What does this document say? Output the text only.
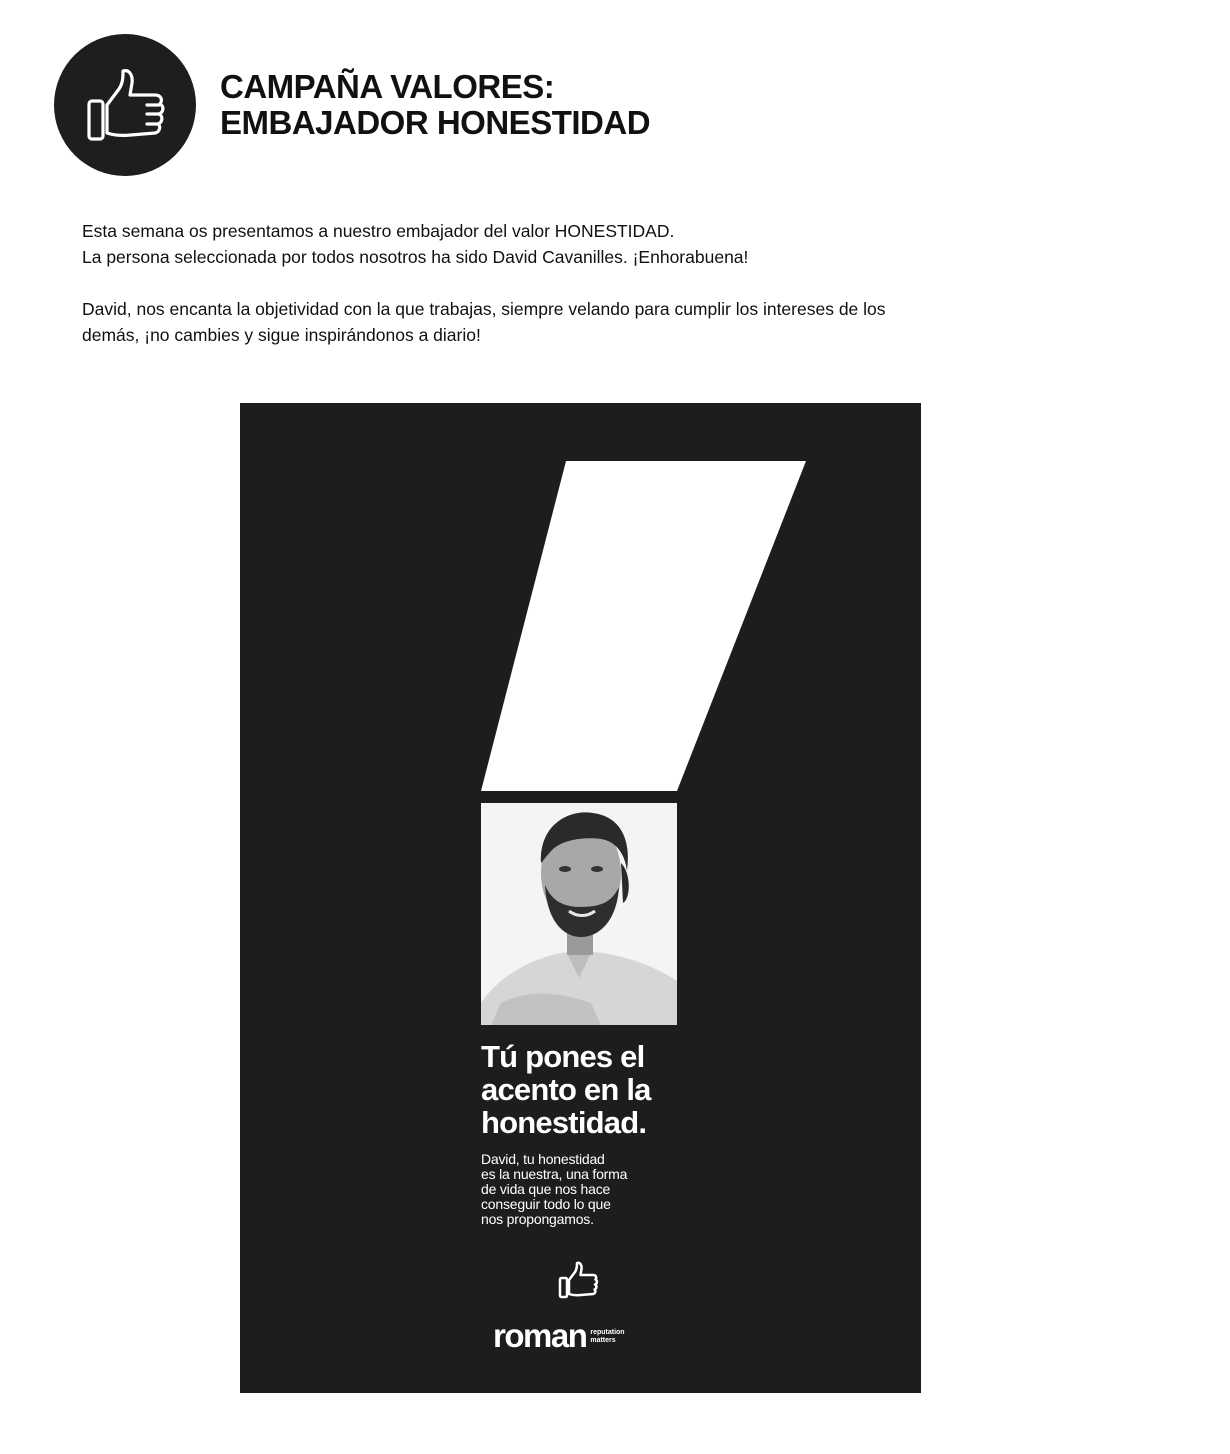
CAMPAÑA VALORES:
EMBAJADOR HONESTIDAD

Esta semana os presentamos a nuestro embajador del valor HONESTIDAD.

La persona seleccionada por todos nosotros ha sido David Cavanilles. ¡Enhorabuena!

David, nos encanta la objetividad con la que trabajas, siempre velando para cumplir los intereses de los

demás, ¡no cambies y sigue inspirándonos a diario!

Tú pones el
acento en la
honestidad.
David, tu honestidad
es la nuestra, una forma
de vida que nos hace
conseguir todo lo que
nos propongamos.
roman reputation
matters
